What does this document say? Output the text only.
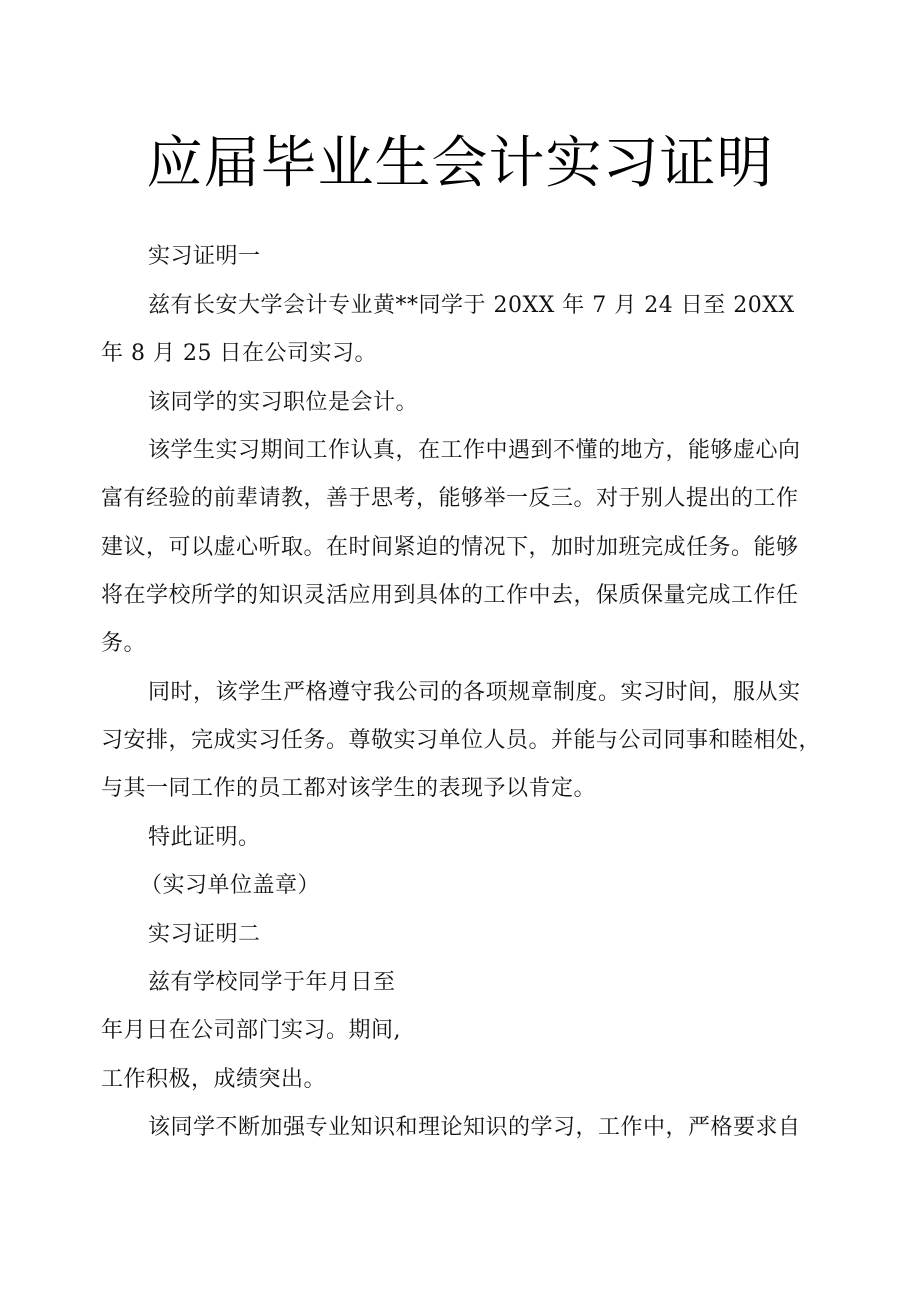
应届毕业生会计实习证明
实习证明一
兹有长安大学会计专业黄**同学于 20XX 年 7 月 24 日至 20XX
年 8 月 25 日在公司实习。
该同学的实习职位是会计。
该学生实习期间工作认真，在工作中遇到不懂的地方，能够虚心向
富有经验的前辈请教，善于思考，能够举一反三。对于别人提出的工作
建议，可以虚心听取。在时间紧迫的情况下，加时加班完成任务。能够
将在学校所学的知识灵活应用到具体的工作中去，保质保量完成工作任
务。
同时，该学生严格遵守我公司的各项规章制度。实习时间，服从实
习安排，完成实习任务。尊敬实习单位人员。并能与公司同事和睦相处，
与其一同工作的员工都对该学生的表现予以肯定。
特此证明。
（实习单位盖章）
实习证明二
兹有学校同学于年月日至
年月日在公司部门实习。期间,
工作积极，成绩突出。
该同学不断加强专业知识和理论知识的学习，工作中，严格要求自
